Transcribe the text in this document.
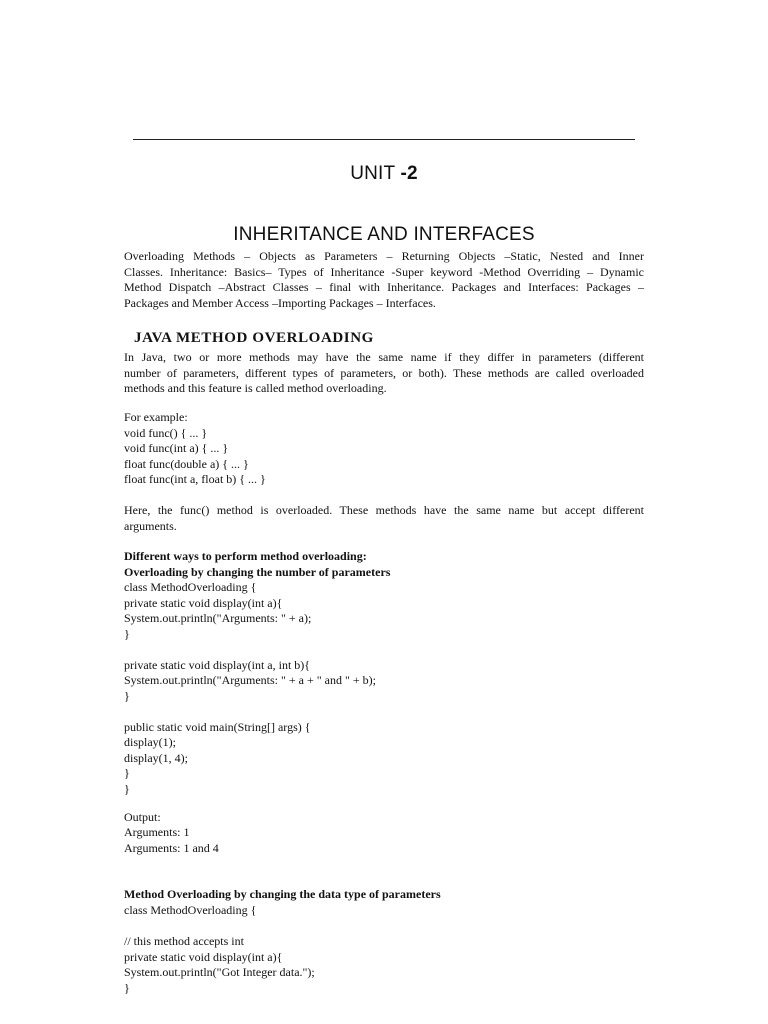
UNIT -2
INHERITANCE AND INTERFACES
Overloading Methods – Objects as Parameters – Returning Objects –Static, Nested and Inner
Classes. Inheritance: Basics– Types of Inheritance -Super keyword -Method Overriding – Dynamic
Method Dispatch –Abstract Classes – final with Inheritance. Packages and Interfaces: Packages –
Packages and Member Access –Importing Packages – Interfaces.
JAVA METHOD OVERLOADING
In Java, two or more methods may have the same name if they differ in parameters (different
number of parameters, different types of parameters, or both). These methods are called overloaded
methods and this feature is called method overloading.
For example:
void func() { ... }
void func(int a) { ... }
float func(double a) { ... }
float func(int a, float b) { ... }
Here, the func() method is overloaded. These methods have the same name but accept different
arguments.
Different ways to perform method overloading:
Overloading by changing the number of parameters
class MethodOverloading {
private static void display(int a){
System.out.println("Arguments: " + a);
}
private static void display(int a, int b){
System.out.println("Arguments: " + a + " and " + b);
}
public static void main(String[] args) {
display(1);
display(1, 4);
}
}
Output:
Arguments: 1
Arguments: 1 and 4
Method Overloading by changing the data type of parameters
class MethodOverloading {
// this method accepts int
private static void display(int a){
System.out.println("Got Integer data.");
}
